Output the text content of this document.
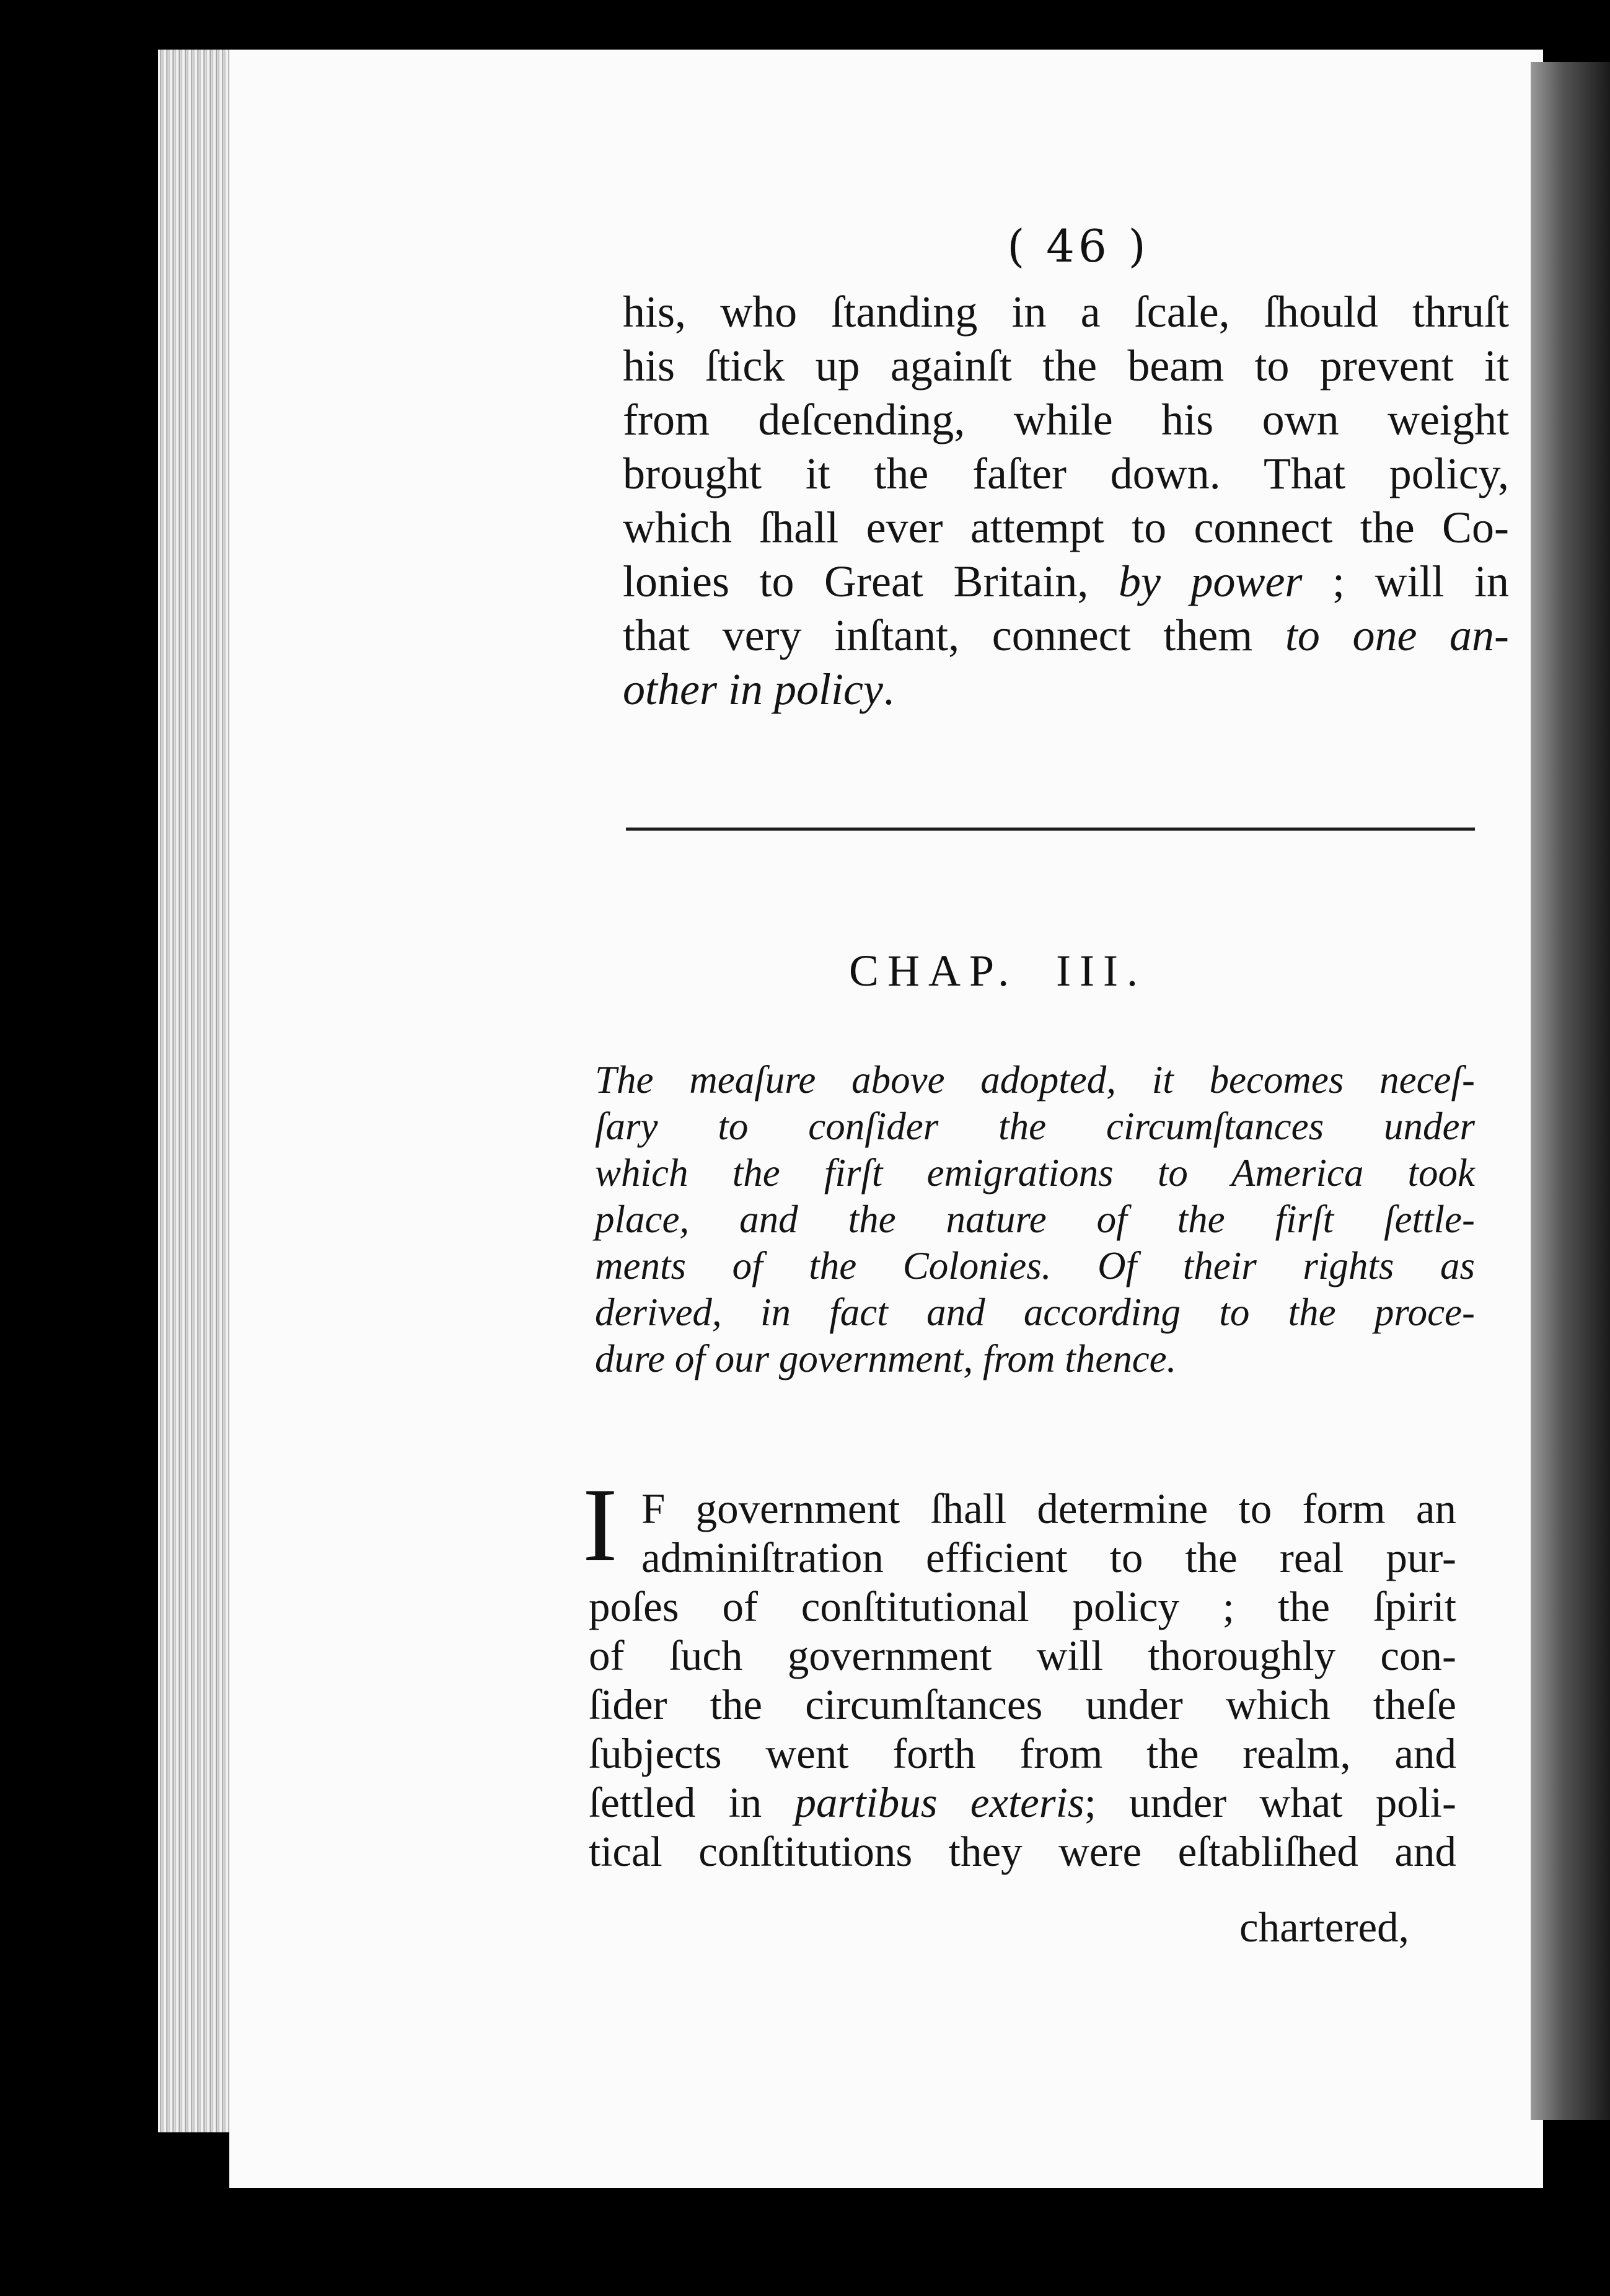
( 46 )
his, who ſtanding in a ſcale, ſhould thruſt
his ſtick up againſt the beam to prevent it
from deſcending, while his own weight
brought it the faſter down. That policy,
which ſhall ever attempt to connect the Co-
lonies to Great Britain, by power ; will in
that very inſtant, connect them to one an-
other in policy.
CHAP. III.
The meaſure above adopted, it becomes neceſ-
ſary to conſider the circumſtances under
which the firſt emigrations to America took
place, and the nature of the firſt ſettle-
ments of the Colonies. Of their rights as
derived, in fact and according to the proce-
dure of our government, from thence.
I F government ſhall determine to form an
adminiſtration efficient to the real pur-
poſes of conſtitutional policy ; the ſpirit
of ſuch government will thoroughly con-
ſider the circumſtances under which theſe
ſubjects went forth from the realm, and
ſettled in partibus exteris; under what poli-
tical conſtitutions they were eſtabliſhed and
chartered,
